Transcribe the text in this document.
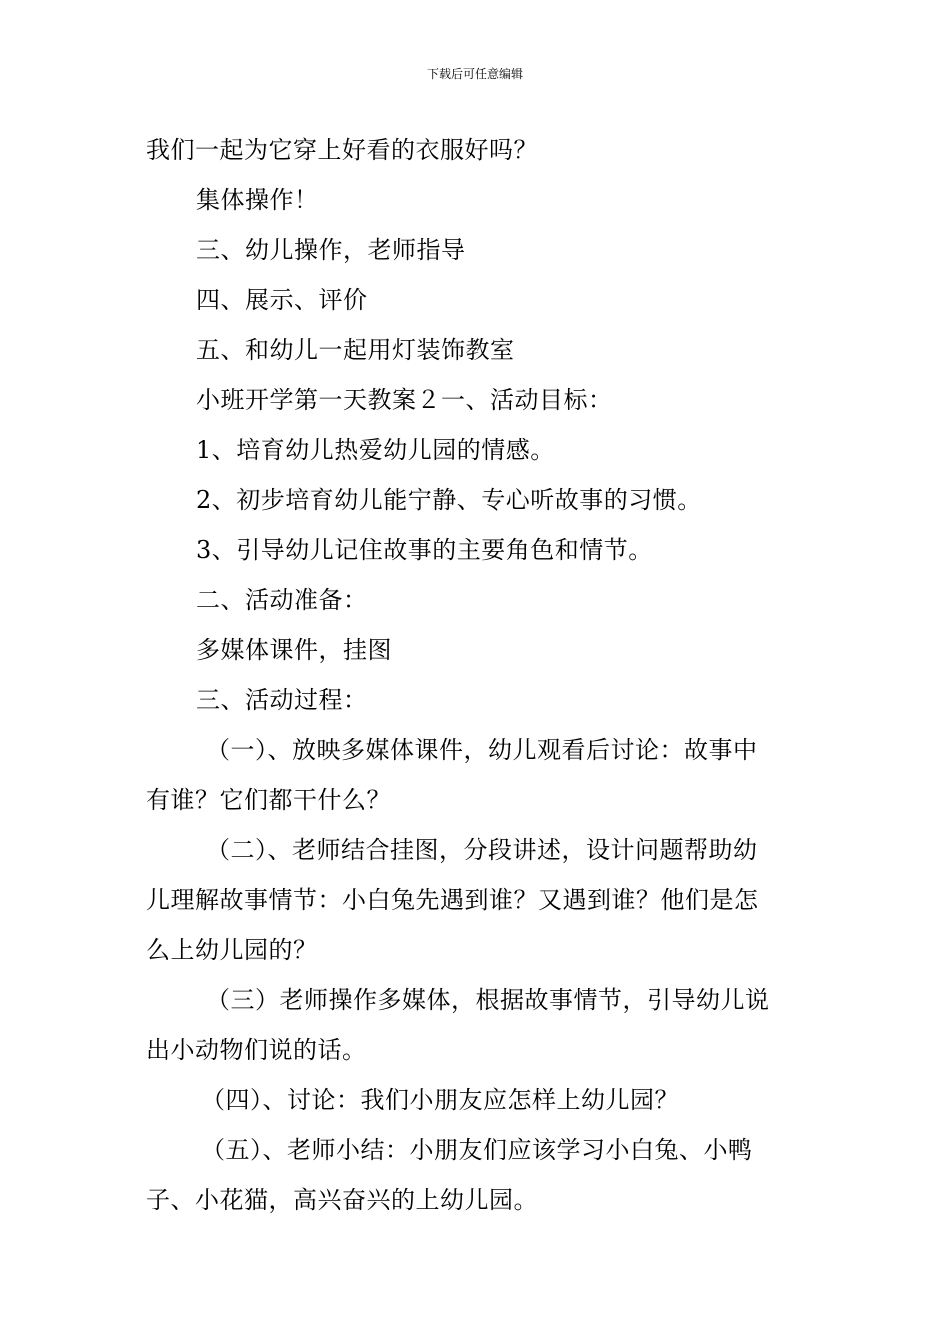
下载后可任意编辑
我们一起为它穿上好看的衣服好吗？
集体操作！
三、幼儿操作，老师指导
四、展示、评价
五、和幼儿一起用灯装饰教室
小班开学第一天教案２一、活动目标：
1、培育幼儿热爱幼儿园的情感。
2、初步培育幼儿能宁静、专心听故事的习惯。
3、引导幼儿记住故事的主要角色和情节。
二、活动准备：
多媒体课件，挂图
三、活动过程：
（一）、放映多媒体课件，幼儿观看后讨论：故事中
有谁？它们都干什么？
（二）、老师结合挂图，分段讲述，设计问题帮助幼
儿理解故事情节：小白兔先遇到谁？又遇到谁？他们是怎
么上幼儿园的？
（三）老师操作多媒体，根据故事情节，引导幼儿说
出小动物们说的话。
（四）、讨论：我们小朋友应怎样上幼儿园？
（五）、老师小结：小朋友们应该学习小白兔、小鸭
子、小花猫，高兴奋兴的上幼儿园。
